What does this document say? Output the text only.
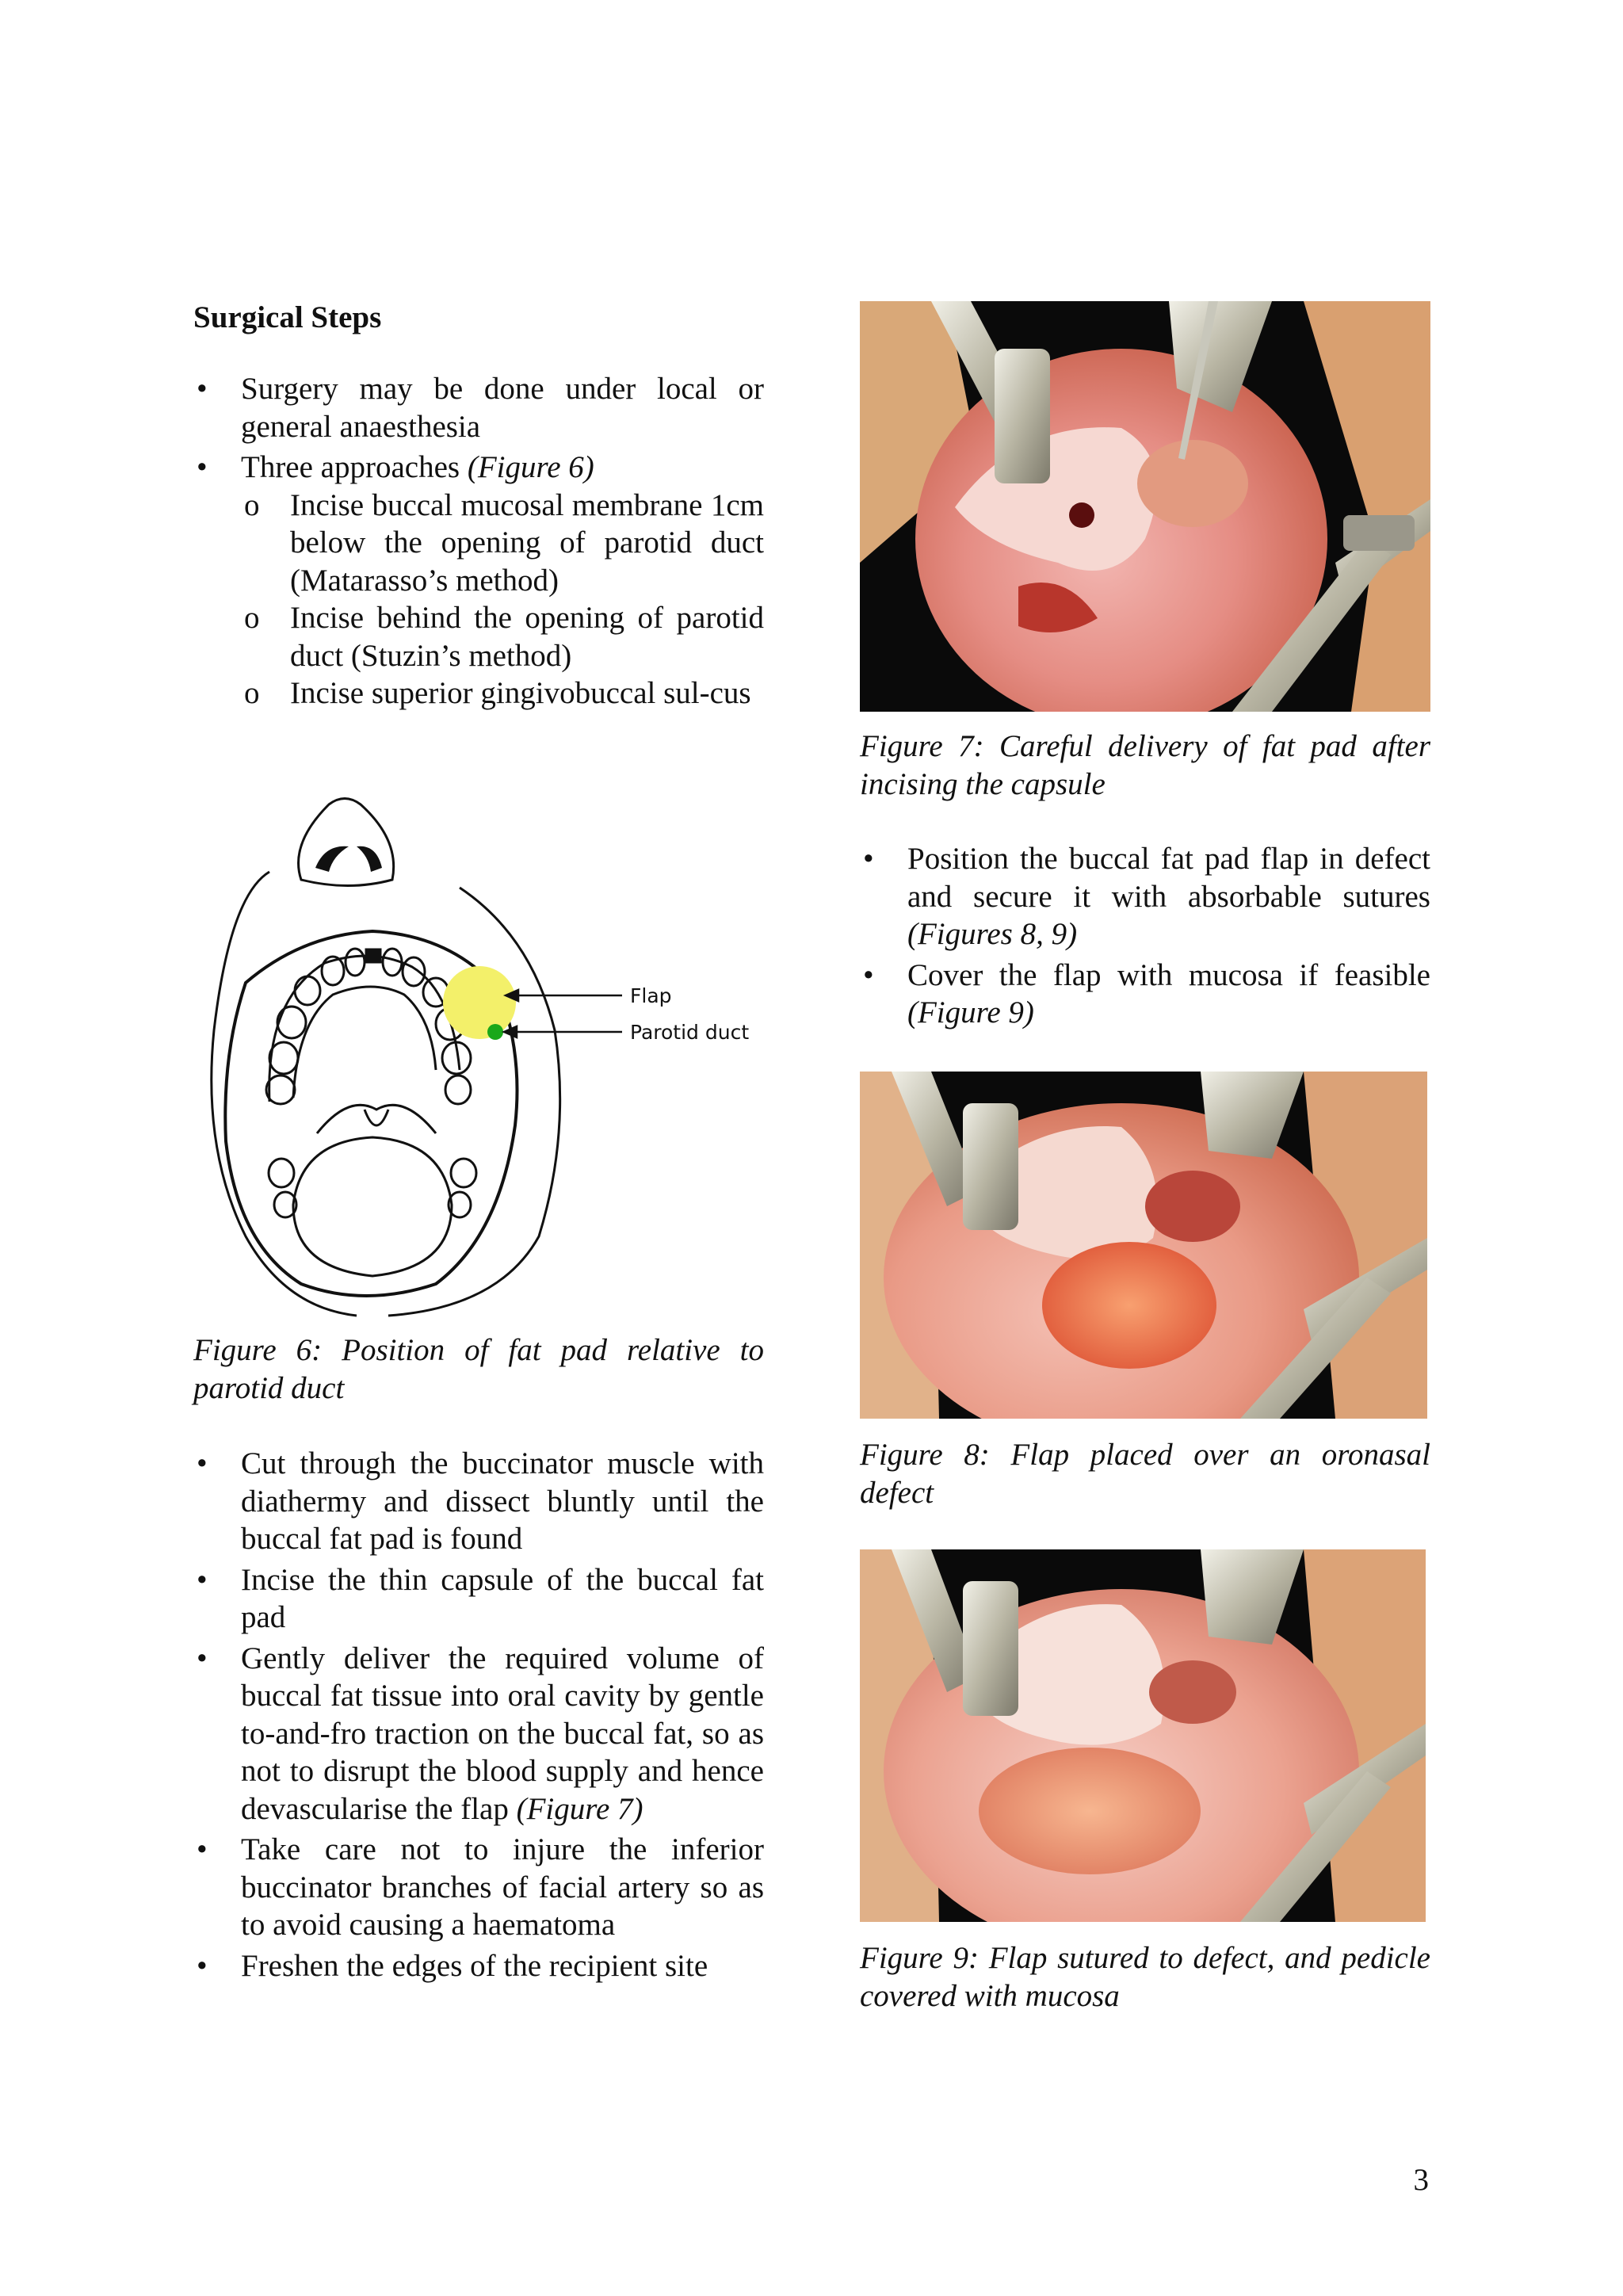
Surgical Steps
• Surgery may be done under local or general anaesthesia
• Three approaches (Figure 6)
o Incise buccal mucosal membrane 1cm below the opening of parotid duct (Matarasso’s method)
o Incise behind the opening of parotid duct (Stuzin’s method)
o Incise superior gingivobuccal sul-cus
Flap
Parotid duct
Figure 6: Position of fat pad relative to parotid duct
• Cut through the buccinator muscle with diathermy and dissect bluntly until the buccal fat pad is found
• Incise the thin capsule of the buccal fat pad
• Gently deliver the required volume of buccal fat tissue into oral cavity by gentle to-and-fro traction on the buccal fat, so as not to disrupt the blood supply and hence devascularise the flap (Figure 7)
• Take care not to injure the inferior buccinator branches of facial artery so as to avoid causing a haematoma
• Freshen the edges of the recipient site
Figure 7: Careful delivery of fat pad after incising the capsule
• Position the buccal fat pad flap in defect and secure it with absorbable sutures (Figures 8, 9)
• Cover the flap with mucosa if feasible (Figure 9)
Figure 8: Flap placed over an oronasal defect
Figure 9: Flap sutured to defect, and pedicle covered with mucosa
3
